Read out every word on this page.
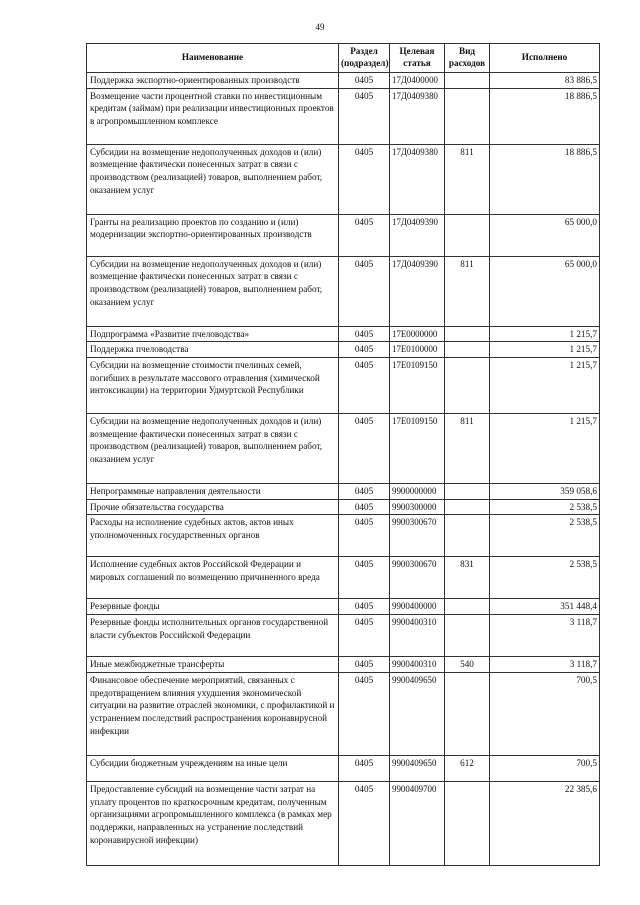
49
Наименование	Раздел (подраздел)	Целевая статья	Вид расходов	Исполнено
Поддержка экспортно-ориентированных производств	0405	17Д0400000		83 886,5
Возмещение части процентной ставки по инвестиционным кредитам (займам) при реализации инвестиционных проектов в агропромышленном комплексе	0405	17Д0409380		18 886,5
Субсидии на возмещение недополученных доходов и (или) возмещение фактически понесенных затрат в связи с производством (реализацией) товаров, выполнением работ, оказанием услуг	0405	17Д0409380	811	18 886,5
Гранты на реализацию проектов по созданию и (или) модернизации экспортно-ориентированных производств	0405	17Д0409390		65 000,0
Субсидии на возмещение недополученных доходов и (или) возмещение фактически понесенных затрат в связи с производством (реализацией) товаров, выполнением работ, оказанием услуг	0405	17Д0409390	811	65 000,0
Подпрограмма «Развитие пчеловодства»	0405	17Е0000000		1 215,7
Поддержка пчеловодства	0405	17Е0100000		1 215,7
Субсидии на возмещение стоимости пчелиных семей, погибших в результате массового отравления (химической интоксикации) на территории Удмуртской Республики	0405	17Е0109150		1 215,7
Субсидии на возмещение недополученных доходов и (или) возмещение фактически понесенных затрат в связи с производством (реализацией) товаров, выполнением работ, оказанием услуг	0405	17Е0109150	811	1 215,7
Непрограммные направления деятельности	0405	9900000000		359 058,6
Прочие обязательства государства	0405	9900300000		2 538,5
Расходы на исполнение судебных актов, актов иных уполномоченных государственных органов	0405	9900300670		2 538,5
Исполнение судебных актов Российской Федерации и мировых соглашений по возмещению причиненного вреда	0405	9900300670	831	2 538,5
Резервные фонды	0405	9900400000		351 448,4
Резервные фонды исполнительных органов государственной власти субъектов Российской Федерации	0405	9900400310		3 118,7
Иные межбюджетные трансферты	0405	9900400310	540	3 118,7
Финансовое обеспечение мероприятий, связанных с предотвращением влияния ухудшения экономической ситуации на развитие отраслей экономики, с профилактикой и устранением последствий распространения коронавирусной инфекции	0405	9900409650		700,5
Субсидии бюджетным учреждениям на иные цели	0405	9900409650	612	700,5
Предоставление субсидий на возмещение части затрат на уплату процентов по краткосрочным кредитам, полученным организациями агропромышленного комплекса (в рамках мер поддержки, направленных на устранение последствий коронавирусной инфекции)	0405	9900409700		22 385,6
